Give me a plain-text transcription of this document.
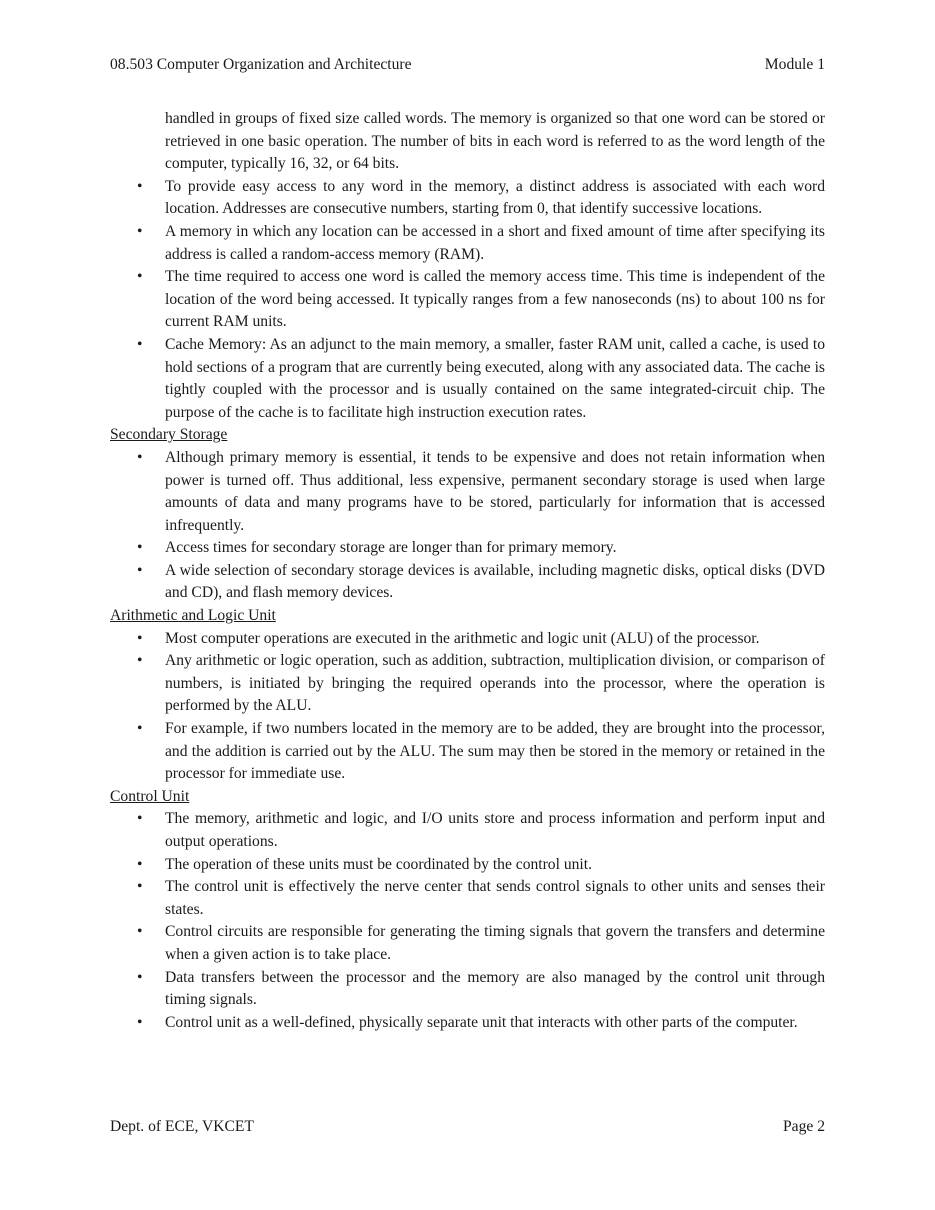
08.503 Computer Organization and Architecture	Module 1
handled in groups of fixed size called words. The memory is organized so that one word can be stored or retrieved in one basic operation. The number of bits in each word is referred to as the word length of the computer, typically 16, 32, or 64 bits.
• To provide easy access to any word in the memory, a distinct address is associated with each word location. Addresses are consecutive numbers, starting from 0, that identify successive locations.
• A memory in which any location can be accessed in a short and fixed amount of time after specifying its address is called a random-access memory (RAM).
• The time required to access one word is called the memory access time. This time is independent of the location of the word being accessed. It typically ranges from a few nanoseconds (ns) to about 100 ns for current RAM units.
• Cache Memory: As an adjunct to the main memory, a smaller, faster RAM unit, called a cache, is used to hold sections of a program that are currently being executed, along with any associated data. The cache is tightly coupled with the processor and is usually contained on the same integrated-circuit chip. The purpose of the cache is to facilitate high instruction execution rates.
Secondary Storage
• Although primary memory is essential, it tends to be expensive and does not retain information when power is turned off. Thus additional, less expensive, permanent secondary storage is used when large amounts of data and many programs have to be stored, particularly for information that is accessed infrequently.
• Access times for secondary storage are longer than for primary memory.
• A wide selection of secondary storage devices is available, including magnetic disks, optical disks (DVD and CD), and flash memory devices.
Arithmetic and Logic Unit
• Most computer operations are executed in the arithmetic and logic unit (ALU) of the processor.
• Any arithmetic or logic operation, such as addition, subtraction, multiplication division, or comparison of numbers, is initiated by bringing the required operands into the processor, where the operation is performed by the ALU.
• For example, if two numbers located in the memory are to be added, they are brought into the processor, and the addition is carried out by the ALU. The sum may then be stored in the memory or retained in the processor for immediate use.
Control Unit
• The memory, arithmetic and logic, and I/O units store and process information and perform input and output operations.
• The operation of these units must be coordinated by the control unit.
• The control unit is effectively the nerve center that sends control signals to other units and senses their states.
• Control circuits are responsible for generating the timing signals that govern the transfers and determine when a given action is to take place.
• Data transfers between the processor and the memory are also managed by the control unit through timing signals.
• Control unit as a well-defined, physically separate unit that interacts with other parts of the computer.
Dept. of ECE, VKCET	Page 2
